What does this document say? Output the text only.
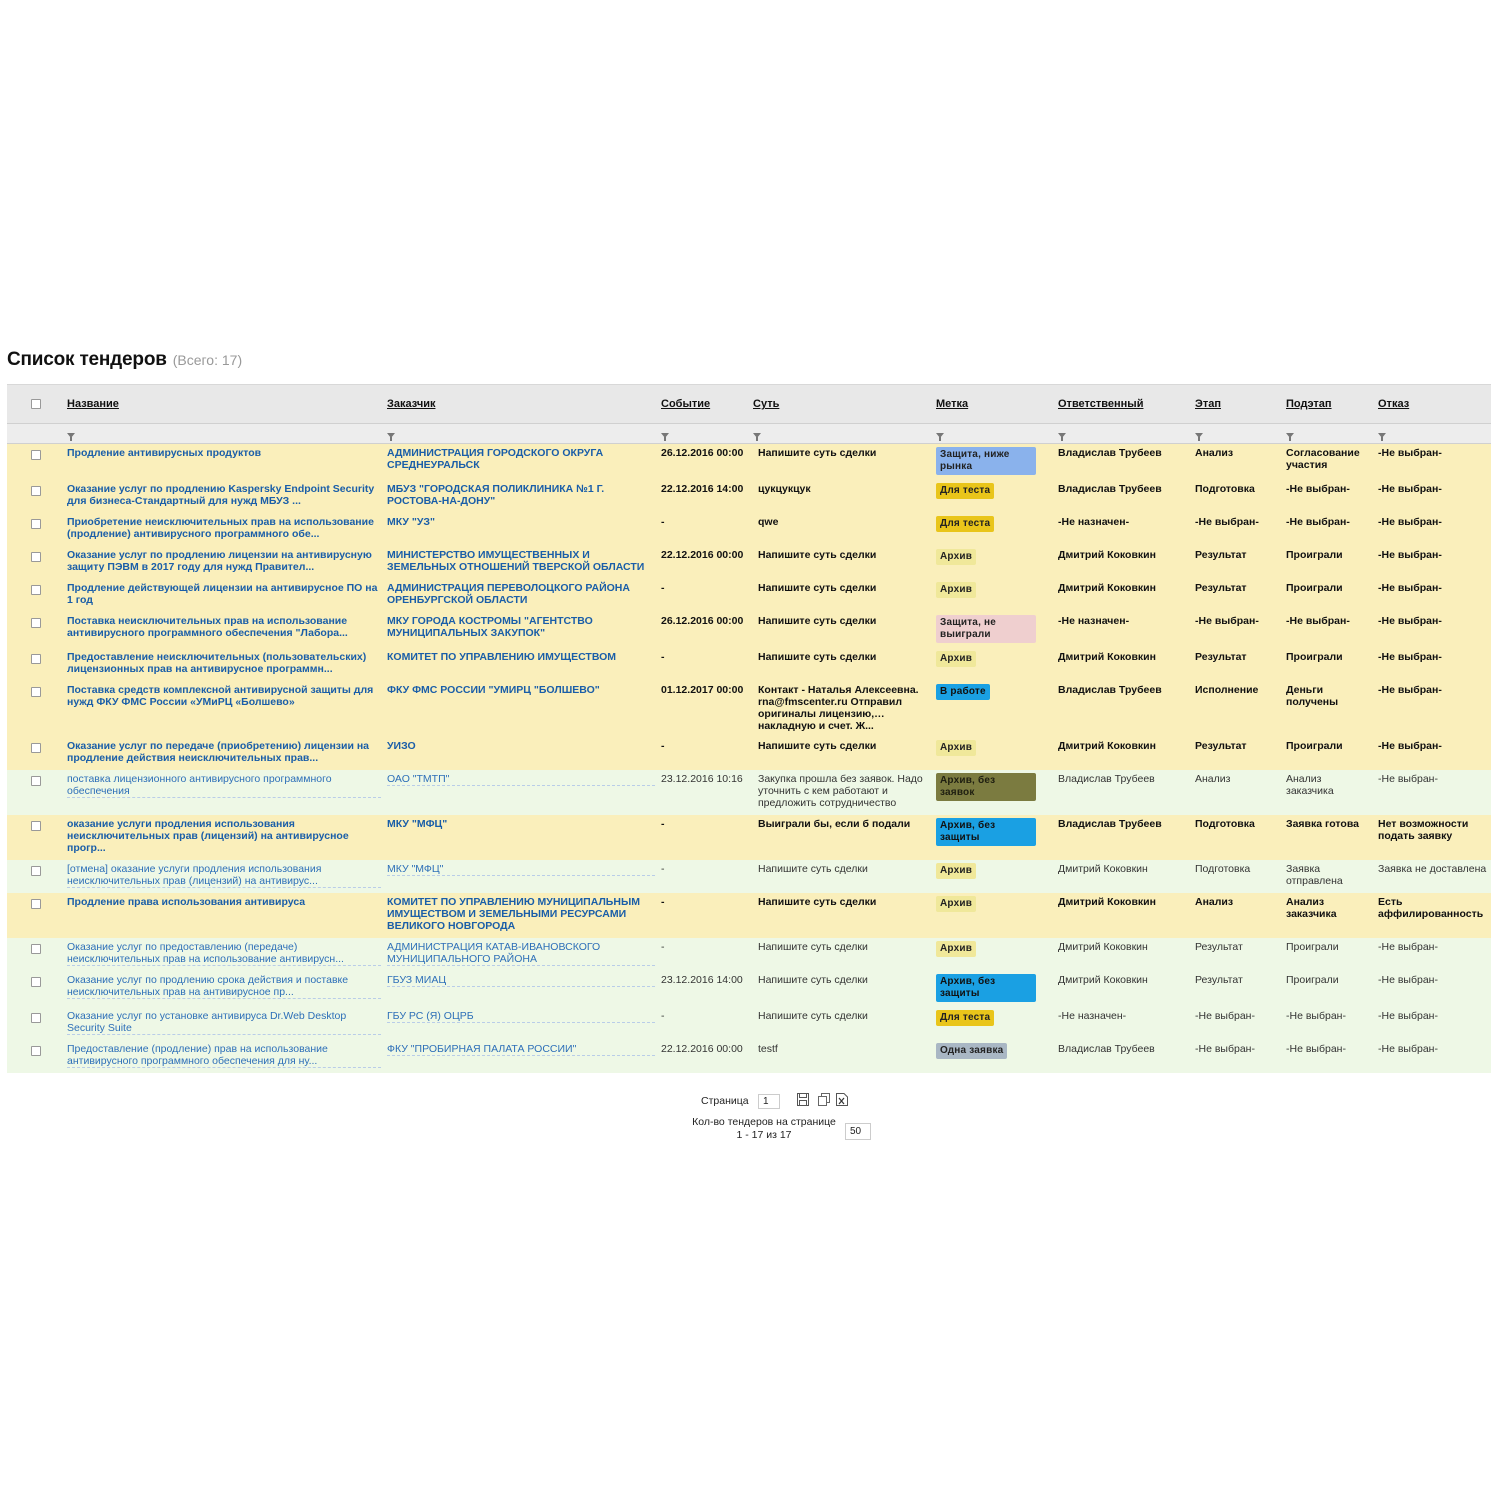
Список тендеров (Всего: 17)
	Название	Заказчик	Событие	Суть	Метка	Ответственный	Этап	Подэтап	Отказ

	Продление антивирусных продуктов	АДМИНИСТРАЦИЯ ГОРОДСКОГО ОКРУГА СРЕДНЕУРАЛЬСК	26.12.2016 00:00	Напишите суть сделки	Защита, ниже рынка	Владислав Трубеев	Анализ	Согласование участия	-Не выбран-

	Оказание услуг по продлению Kaspersky Endpoint Security для бизнеса-Стандартный для нужд МБУЗ ...	МБУЗ "ГОРОДСКАЯ ПОЛИКЛИНИКА №1 Г. РОСТОВА-НА-ДОНУ"	22.12.2016 14:00	цукцукцук	Для теста	Владислав Трубеев	Подготовка	-Не выбран-	-Не выбран-

	Приобретение неисключительных прав на использование (продление) антивирусного программного обе...	МКУ "УЗ"	-	qwe	Для теста	-Не назначен-	-Не выбран-	-Не выбран-	-Не выбран-

	Оказание услуг по продлению лицензии на антивирусную защиту ПЭВМ в 2017 году для нужд Правител...	МИНИСТЕРСТВО ИМУЩЕСТВЕННЫХ И ЗЕМЕЛЬНЫХ ОТНОШЕНИЙ ТВЕРСКОЙ ОБЛАСТИ	22.12.2016 00:00	Напишите суть сделки	Архив	Дмитрий Коковкин	Результат	Проиграли	-Не выбран-

	Продление действующей лицензии на антивирусное ПО на 1 год	АДМИНИСТРАЦИЯ ПЕРЕВОЛОЦКОГО РАЙОНА ОРЕНБУРГСКОЙ ОБЛАСТИ	-	Напишите суть сделки	Архив	Дмитрий Коковкин	Результат	Проиграли	-Не выбран-

	Поставка неисключительных прав на использование антивирусного программного обеспечения "Лабора...	МКУ ГОРОДА КОСТРОМЫ "АГЕНТСТВО МУНИЦИПАЛЬНЫХ ЗАКУПОК"	26.12.2016 00:00	Напишите суть сделки	Защита, не выиграли	-Не назначен-	-Не выбран-	-Не выбран-	-Не выбран-

	Предоставление неисключительных (пользовательских) лицензионных прав на антивирусное программн...	КОМИТЕТ ПО УПРАВЛЕНИЮ ИМУЩЕСТВОМ	-	Напишите суть сделки	Архив	Дмитрий Коковкин	Результат	Проиграли	-Не выбран-

	Поставка средств комплексной антивирусной защиты для нужд ФКУ ФМС России «УМиРЦ «Болшево»	ФКУ ФМС РОССИИ "УМИРЦ "БОЛШЕВО"	01.12.2017 00:00	Контакт - Наталья Алексеевна. rna@fmscenter.ru Отправил оригиналы лицензию, накладную и счет. Ж...	В работе	Владислав Трубеев	Исполнение	Деньги получены	-Не выбран-

	Оказание услуг по передаче (приобретению) лицензии на продление действия неисключительных прав...	УИЗО	-	Напишите суть сделки	Архив	Дмитрий Коковкин	Результат	Проиграли	-Не выбран-

	поставка лицензионного антивирусного программного обеспечения	ОАО "ТМТП"	23.12.2016 10:16	Закупка прошла без заявок. Надо уточнить с кем работают и предложить сотрудничество	Архив, без заявок	Владислав Трубеев	Анализ	Анализ заказчика	-Не выбран-

	оказание услуги продления использования неисключительных прав (лицензий) на антивирусное прогр...	МКУ "МФЦ"	-	Выиграли бы, если б подали	Архив, без защиты	Владислав Трубеев	Подготовка	Заявка готова	Нет возможности подать заявку

	[отмена] оказание услуги продления использования неисключительных прав (лицензий) на антивирус...	МКУ "МФЦ"	-	Напишите суть сделки	Архив	Дмитрий Коковкин	Подготовка	Заявка отправлена	Заявка не доставлена

	Продление права использования антивируса	КОМИТЕТ ПО УПРАВЛЕНИЮ МУНИЦИПАЛЬНЫМ ИМУЩЕСТВОМ И ЗЕМЕЛЬНЫМИ РЕСУРСАМИ ВЕЛИКОГО НОВГОРОДА	-	Напишите суть сделки	Архив	Дмитрий Коковкин	Анализ	Анализ заказчика	Есть аффилированность

	Оказание услуг по предоставлению (передаче) неисключительных прав на использование антивирусн...	АДМИНИСТРАЦИЯ КАТАВ-ИВАНОВСКОГО МУНИЦИПАЛЬНОГО РАЙОНА	-	Напишите суть сделки	Архив	Дмитрий Коковкин	Результат	Проиграли	-Не выбран-

	Оказание услуг по продлению срока действия и поставке неисключительных прав на антивирусное пр...	ГБУЗ МИАЦ	23.12.2016 14:00	Напишите суть сделки	Архив, без защиты	Дмитрий Коковкин	Результат	Проиграли	-Не выбран-

	Оказание услуг по установке антивируса Dr.Web Desktop Security Suite	ГБУ РС (Я) ОЦРБ	-	Напишите суть сделки	Для теста	-Не назначен-	-Не выбран-	-Не выбран-	-Не выбран-

	Предоставление (продление) прав на использование антивирусного программного обеспечения для ну...	ФКУ "ПРОБИРНАЯ ПАЛАТА РОССИИ"	22.12.2016 00:00	testf	Одна заявка	Владислав Трубеев	-Не выбран-	-Не выбран-	-Не выбран-
Страница	1
Кол-во тендеров на странице
1 - 17 из 17	50
